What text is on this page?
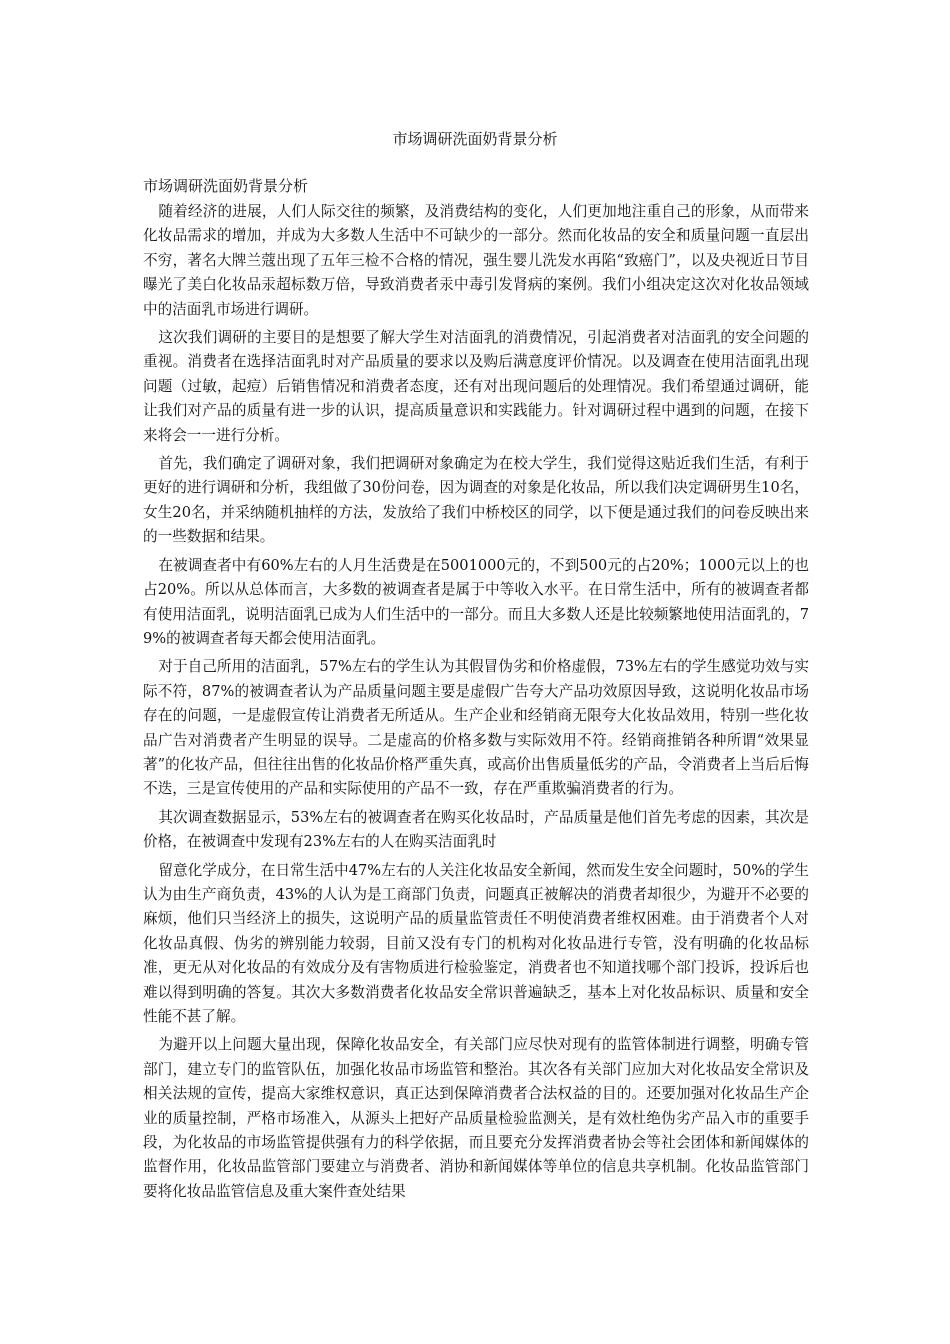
市场调研洗面奶背景分析

市场调研洗面奶背景分析

随着经济的进展，人们人际交往的频繁，及消费结构的变化，人们更加地注重自己的形象，从而带来化妆品需求的增加，并成为大多数人生活中不可缺少的一部分。然而化妆品的安全和质量问题一直层出不穷，著名大牌兰蔻出现了五年三检不合格的情况，强生婴儿洗发水再陷“致癌门”，以及央视近日节目曝光了美白化妆品汞超标数万倍，导致消费者汞中毒引发肾病的案例。我们小组决定这次对化妆品领域中的洁面乳市场进行调研。

这次我们调研的主要目的是想要了解大学生对洁面乳的消费情况，引起消费者对洁面乳的安全问题的重视。消费者在选择洁面乳时对产品质量的要求以及购后满意度评价情况。以及调查在使用洁面乳出现问题（过敏，起痘）后销售情况和消费者态度，还有对出现问题后的处理情况。我们希望通过调研，能让我们对产品的质量有进一步的认识，提高质量意识和实践能力。针对调研过程中遇到的问题，在接下来将会一一进行分析。

首先，我们确定了调研对象，我们把调研对象确定为在校大学生，我们觉得这贴近我们生活，有利于更好的进行调研和分析，我组做了30份问卷，因为调查的对象是化妆品，所以我们决定调研男生10名，女生20名，并采纳随机抽样的方法，发放给了我们中桥校区的同学，以下便是通过我们的问卷反映出来的一些数据和结果。

在被调查者中有60%左右的人月生活费是在5001000元的，不到500元的占20%；1000元以上的也占20%。所以从总体而言，大多数的被调查者是属于中等收入水平。在日常生活中，所有的被调查者都有使用洁面乳，说明洁面乳已成为人们生活中的一部分。而且大多数人还是比较频繁地使用洁面乳的，79%的被调查者每天都会使用洁面乳。

对于自己所用的洁面乳，57%左右的学生认为其假冒伪劣和价格虚假，73%左右的学生感觉功效与实际不符，87%的被调查者认为产品质量问题主要是虚假广告夸大产品功效原因导致，这说明化妆品市场存在的问题，一是虚假宣传让消费者无所适从。生产企业和经销商无限夸大化妆品效用，特别一些化妆品广告对消费者产生明显的误导。二是虚高的价格多数与实际效用不符。经销商推销各种所谓“效果显著”的化妆产品，但往往出售的化妆品价格严重失真，或高价出售质量低劣的产品，令消费者上当后后悔不迭，三是宣传使用的产品和实际使用的产品不一致，存在严重欺骗消费者的行为。

其次调查数据显示，53%左右的被调查者在购买化妆品时，产品质量是他们首先考虑的因素，其次是价格，在被调查中发现有23%左右的人在购买洁面乳时

留意化学成分，在日常生活中47%左右的人关注化妆品安全新闻，然而发生安全问题时，50%的学生认为由生产商负责，43%的人认为是工商部门负责，问题真正被解决的消费者却很少，为避开不必要的麻烦，他们只当经济上的损失，这说明产品的质量监管责任不明使消费者维权困难。由于消费者个人对化妆品真假、伪劣的辨别能力较弱，目前又没有专门的机构对化妆品进行专管，没有明确的化妆品标准，更无从对化妆品的有效成分及有害物质进行检验鉴定，消费者也不知道找哪个部门投诉，投诉后也难以得到明确的答复。其次大多数消费者化妆品安全常识普遍缺乏，基本上对化妆品标识、质量和安全性能不甚了解。

为避开以上问题大量出现，保障化妆品安全，有关部门应尽快对现有的监管体制进行调整，明确专管部门，建立专门的监管队伍，加强化妆品市场监管和整治。其次各有关部门应加大对化妆品安全常识及相关法规的宣传，提高大家维权意识，真正达到保障消费者合法权益的目的。还要加强对化妆品生产企业的质量控制，严格市场准入，从源头上把好产品质量检验监测关，是有效杜绝伪劣产品入市的重要手段，为化妆品的市场监管提供强有力的科学依据，而且要充分发挥消费者协会等社会团体和新闻媒体的监督作用，化妆品监管部门要建立与消费者、消协和新闻媒体等单位的信息共享机制。化妆品监管部门要将化妆品监管信息及重大案件查处结果
